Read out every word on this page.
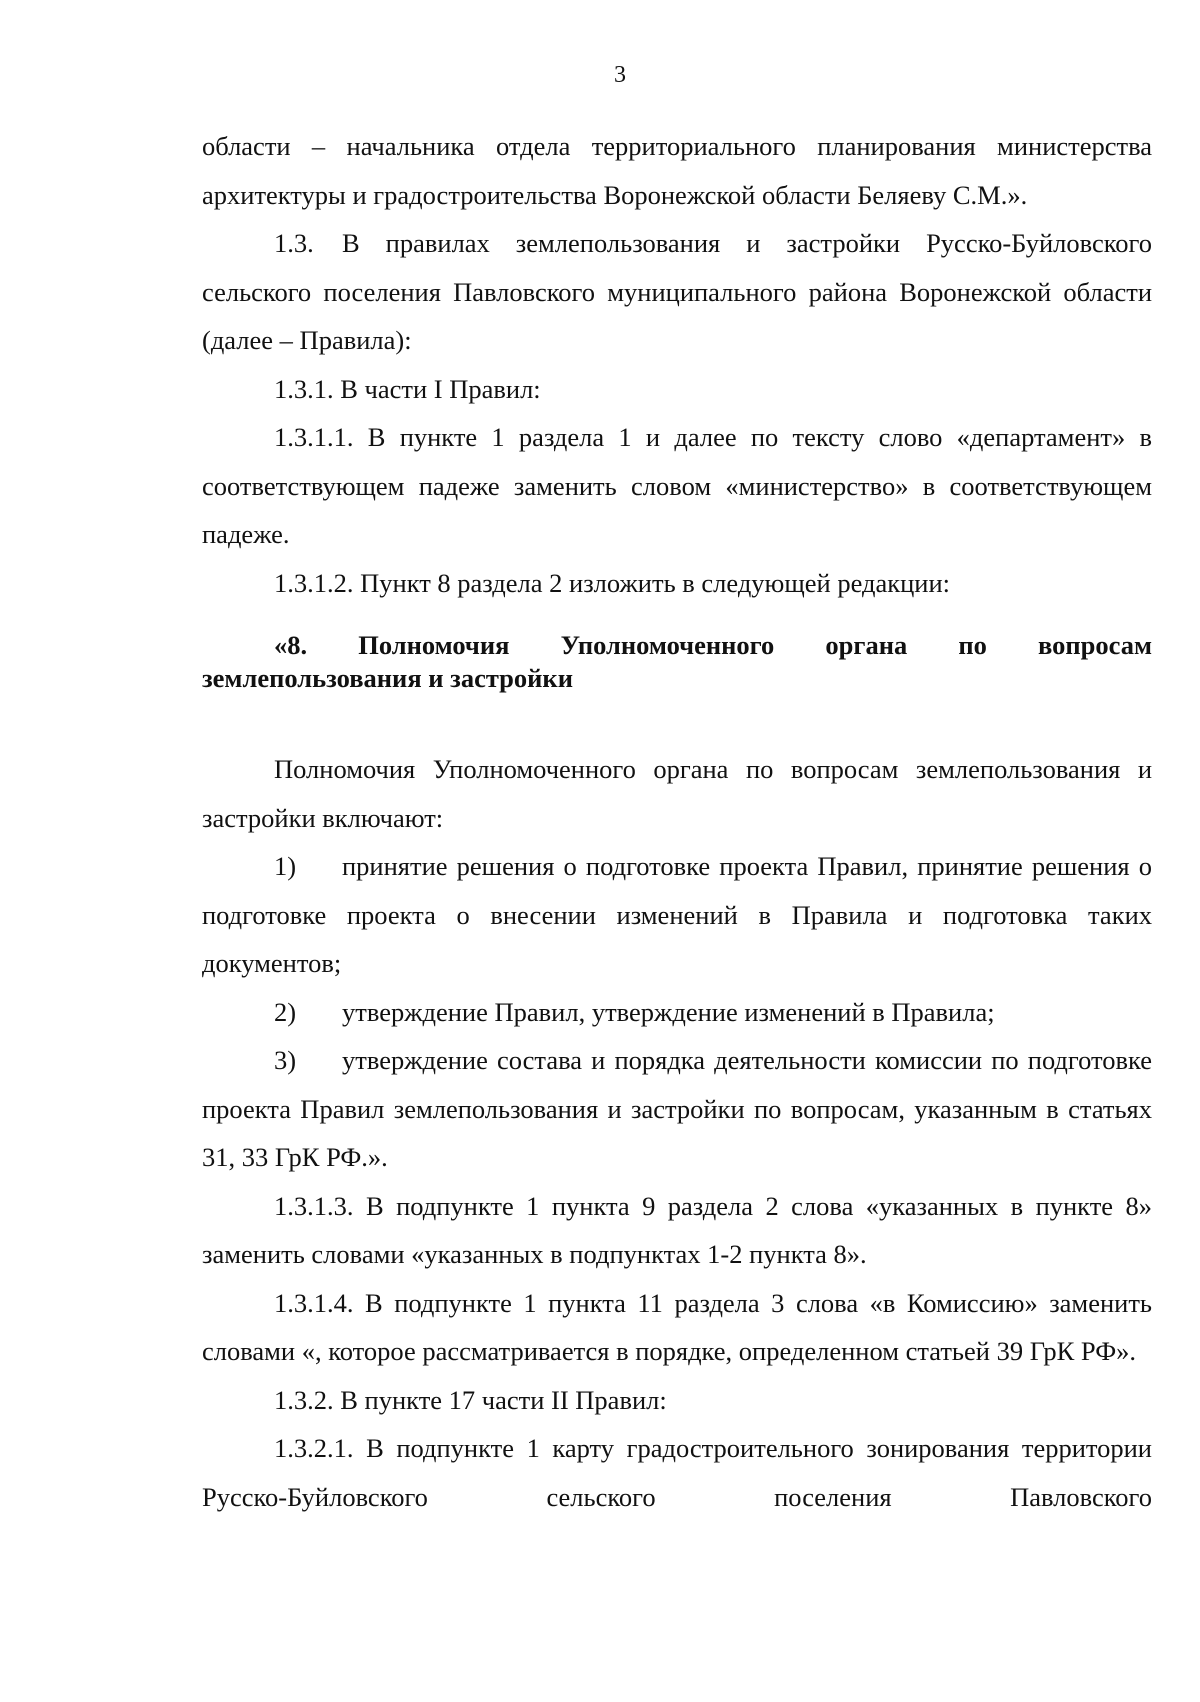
3

области – начальника отдела территориального планирования министерства архитектуры и градостроительства Воронежской области Беляеву С.М.».

1.3. В правилах землепользования и застройки Русско-Буйловского сельского поселения Павловского муниципального района Воронежской области (далее – Правила):

1.3.1. В части I Правил:

1.3.1.1. В пункте 1 раздела 1 и далее по тексту слово «департамент» в соответствующем падеже заменить словом «министерство» в соответствующем падеже.

1.3.1.2. Пункт 8 раздела 2 изложить в следующей редакции:

«8. Полномочия Уполномоченного органа по вопросам землепользования и застройки

Полномочия Уполномоченного органа по вопросам землепользования и застройки включают:

1) принятие решения о подготовке проекта Правил, принятие решения о подготовке проекта о внесении изменений в Правила и подготовка таких документов;

2) утверждение Правил, утверждение изменений в Правила;

3) утверждение состава и порядка деятельности комиссии по подготовке проекта Правил землепользования и застройки по вопросам, указанным в статьях 31, 33 ГрК РФ.».

1.3.1.3. В подпункте 1 пункта 9 раздела 2 слова «указанных в пункте 8» заменить словами «указанных в подпунктах 1-2 пункта 8».

1.3.1.4. В подпункте 1 пункта 11 раздела 3 слова «в Комиссию» заменить словами «, которое рассматривается в порядке, определенном статьей 39 ГрК РФ».

1.3.2. В пункте 17 части II Правил:

1.3.2.1. В подпункте 1 карту градостроительного зонирования территории Русско-Буйловского сельского поселения Павловского
